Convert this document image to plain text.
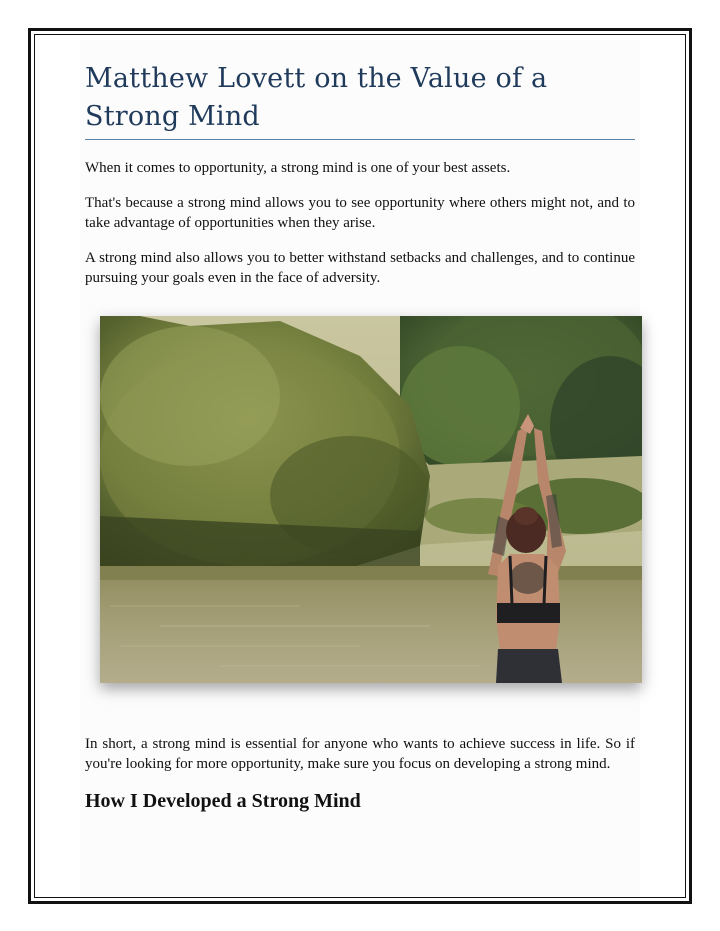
Matthew Lovett on the Value of a Strong Mind

When it comes to opportunity, a strong mind is one of your best assets.

That's because a strong mind allows you to see opportunity where others might not, and to take advantage of opportunities when they arise.

A strong mind also allows you to better withstand setbacks and challenges, and to continue pursuing your goals even in the face of adversity.

In short, a strong mind is essential for anyone who wants to achieve success in life. So if you're looking for more opportunity, make sure you focus on developing a strong mind.

How I Developed a Strong Mind
